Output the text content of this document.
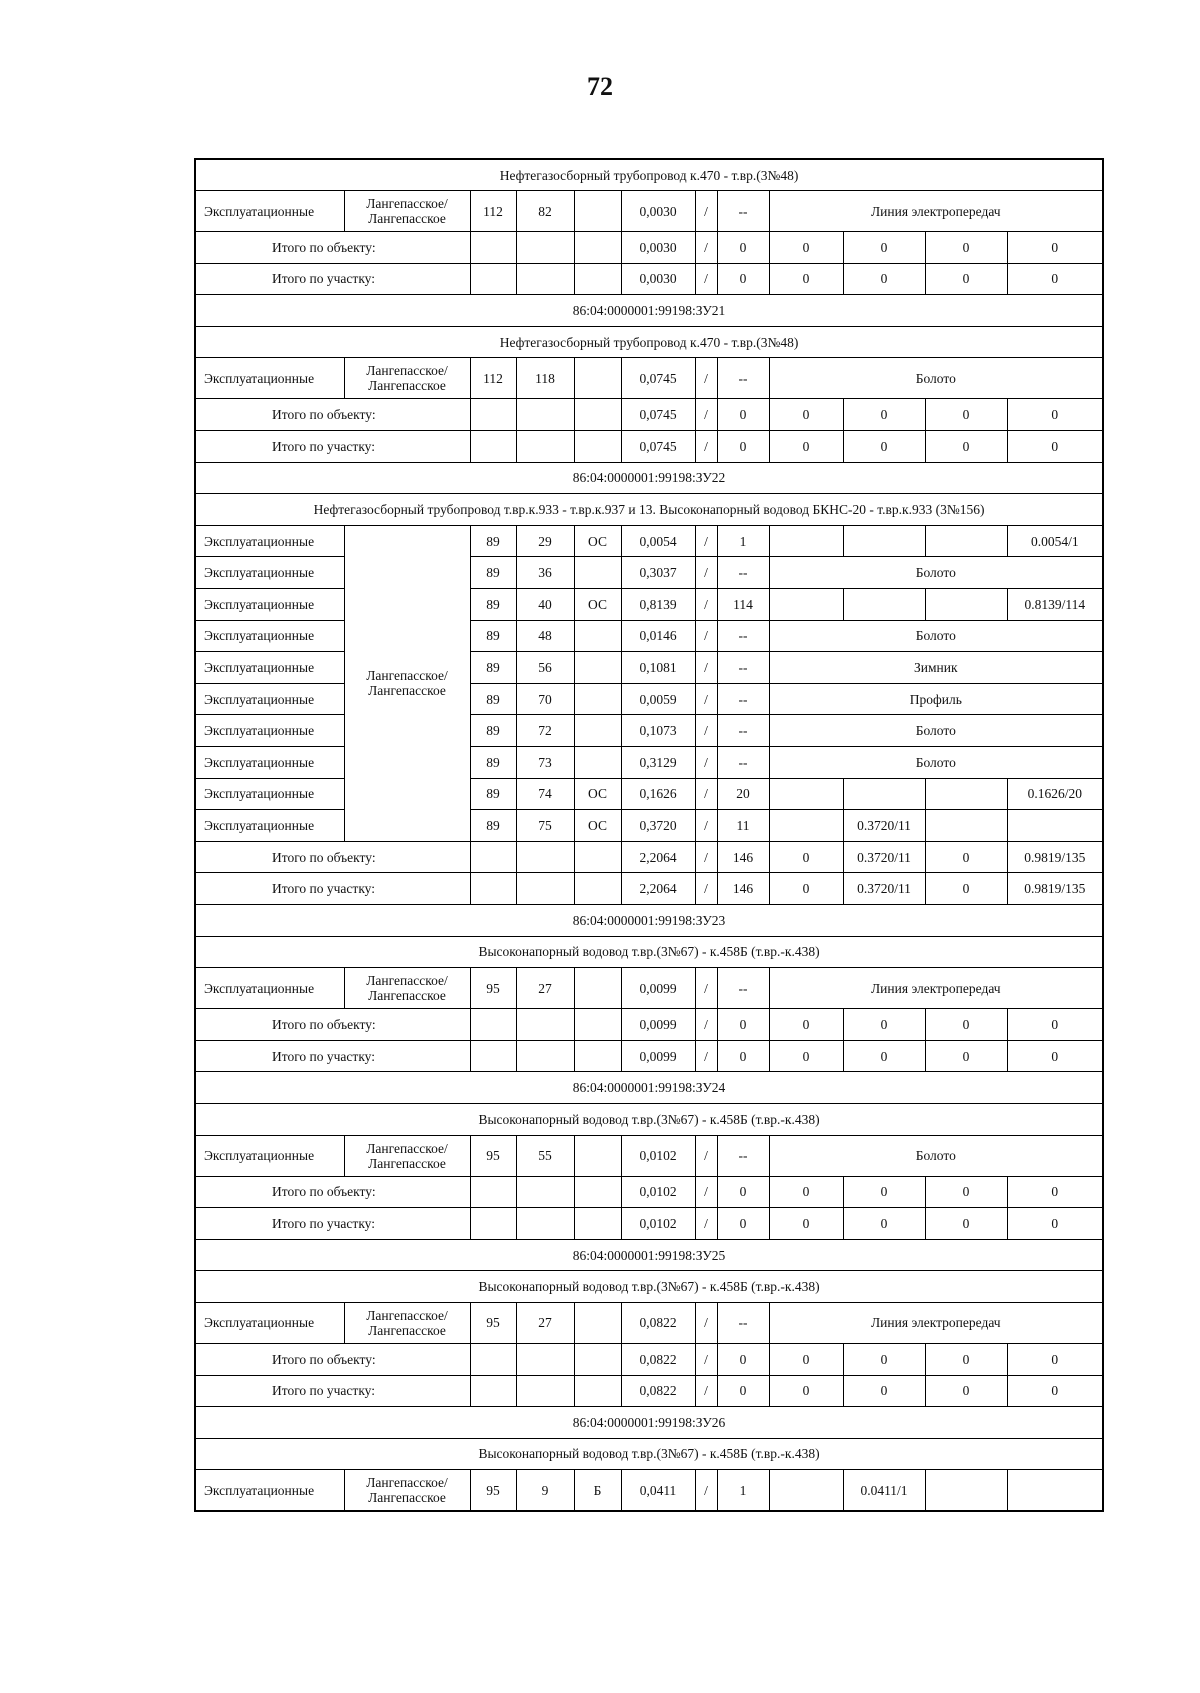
72
Нефтегазосборный трубопровод к.470 - т.вр.(3№48)											
Эксплуатационные	Лангепасское/ Лангепасское	112	82		0,0030	/	--	Линия электропередач			
Итого по объекту:					0,0030	/	0	0	0	0	0
Итого по участку:					0,0030	/	0	0	0	0	0
86:04:0000001:99198:ЗУ21											
Нефтегазосборный трубопровод к.470 - т.вр.(3№48)											
Эксплуатационные	Лангепасское/ Лангепасское	112	118		0,0745	/	--	Болото			
Итого по объекту:					0,0745	/	0	0	0	0	0
Итого по участку:					0,0745	/	0	0	0	0	0
86:04:0000001:99198:ЗУ22											
Нефтегазосборный трубопровод т.вр.к.933 - т.вр.к.937 и 13. Высоконапорный водовод БКНС-20 - т.вр.к.933 (3№156)											
Эксплуатационные	Лангепасское/ Лангепасское	89	29	ОС	0,0054	/	1				0.0054/1
Эксплуатационные		89	36		0,3037	/	--	Болото			
Эксплуатационные		89	40	ОС	0,8139	/	114				0.8139/114
Эксплуатационные		89	48		0,0146	/	--	Болото			
Эксплуатационные		89	56		0,1081	/	--	Зимник			
Эксплуатационные		89	70		0,0059	/	--	Профиль			
Эксплуатационные		89	72		0,1073	/	--	Болото			
Эксплуатационные		89	73		0,3129	/	--	Болото			
Эксплуатационные		89	74	ОС	0,1626	/	20				0.1626/20
Эксплуатационные		89	75	ОС	0,3720	/	11		0.3720/11		
Итого по объекту:					2,2064	/	146	0	0.3720/11	0	0.9819/135
Итого по участку:					2,2064	/	146	0	0.3720/11	0	0.9819/135
86:04:0000001:99198:ЗУ23											
Высоконапорный водовод т.вр.(3№67) - к.458Б (т.вр.-к.438)											
Эксплуатационные	Лангепасское/ Лангепасское	95	27		0,0099	/	--	Линия электропередач			
Итого по объекту:					0,0099	/	0	0	0	0	0
Итого по участку:					0,0099	/	0	0	0	0	0
86:04:0000001:99198:ЗУ24											
Высоконапорный водовод т.вр.(3№67) - к.458Б (т.вр.-к.438)											
Эксплуатационные	Лангепасское/ Лангепасское	95	55		0,0102	/	--	Болото			
Итого по объекту:					0,0102	/	0	0	0	0	0
Итого по участку:					0,0102	/	0	0	0	0	0
86:04:0000001:99198:ЗУ25											
Высоконапорный водовод т.вр.(3№67) - к.458Б (т.вр.-к.438)											
Эксплуатационные	Лангепасское/ Лангепасское	95	27		0,0822	/	--	Линия электропередач			
Итого по объекту:					0,0822	/	0	0	0	0	0
Итого по участку:					0,0822	/	0	0	0	0	0
86:04:0000001:99198:ЗУ26											
Высоконапорный водовод т.вр.(3№67) - к.458Б (т.вр.-к.438)											
Эксплуатационные	Лангепасское/ Лангепасское	95	9	Б	0,0411	/	1		0.0411/1		
